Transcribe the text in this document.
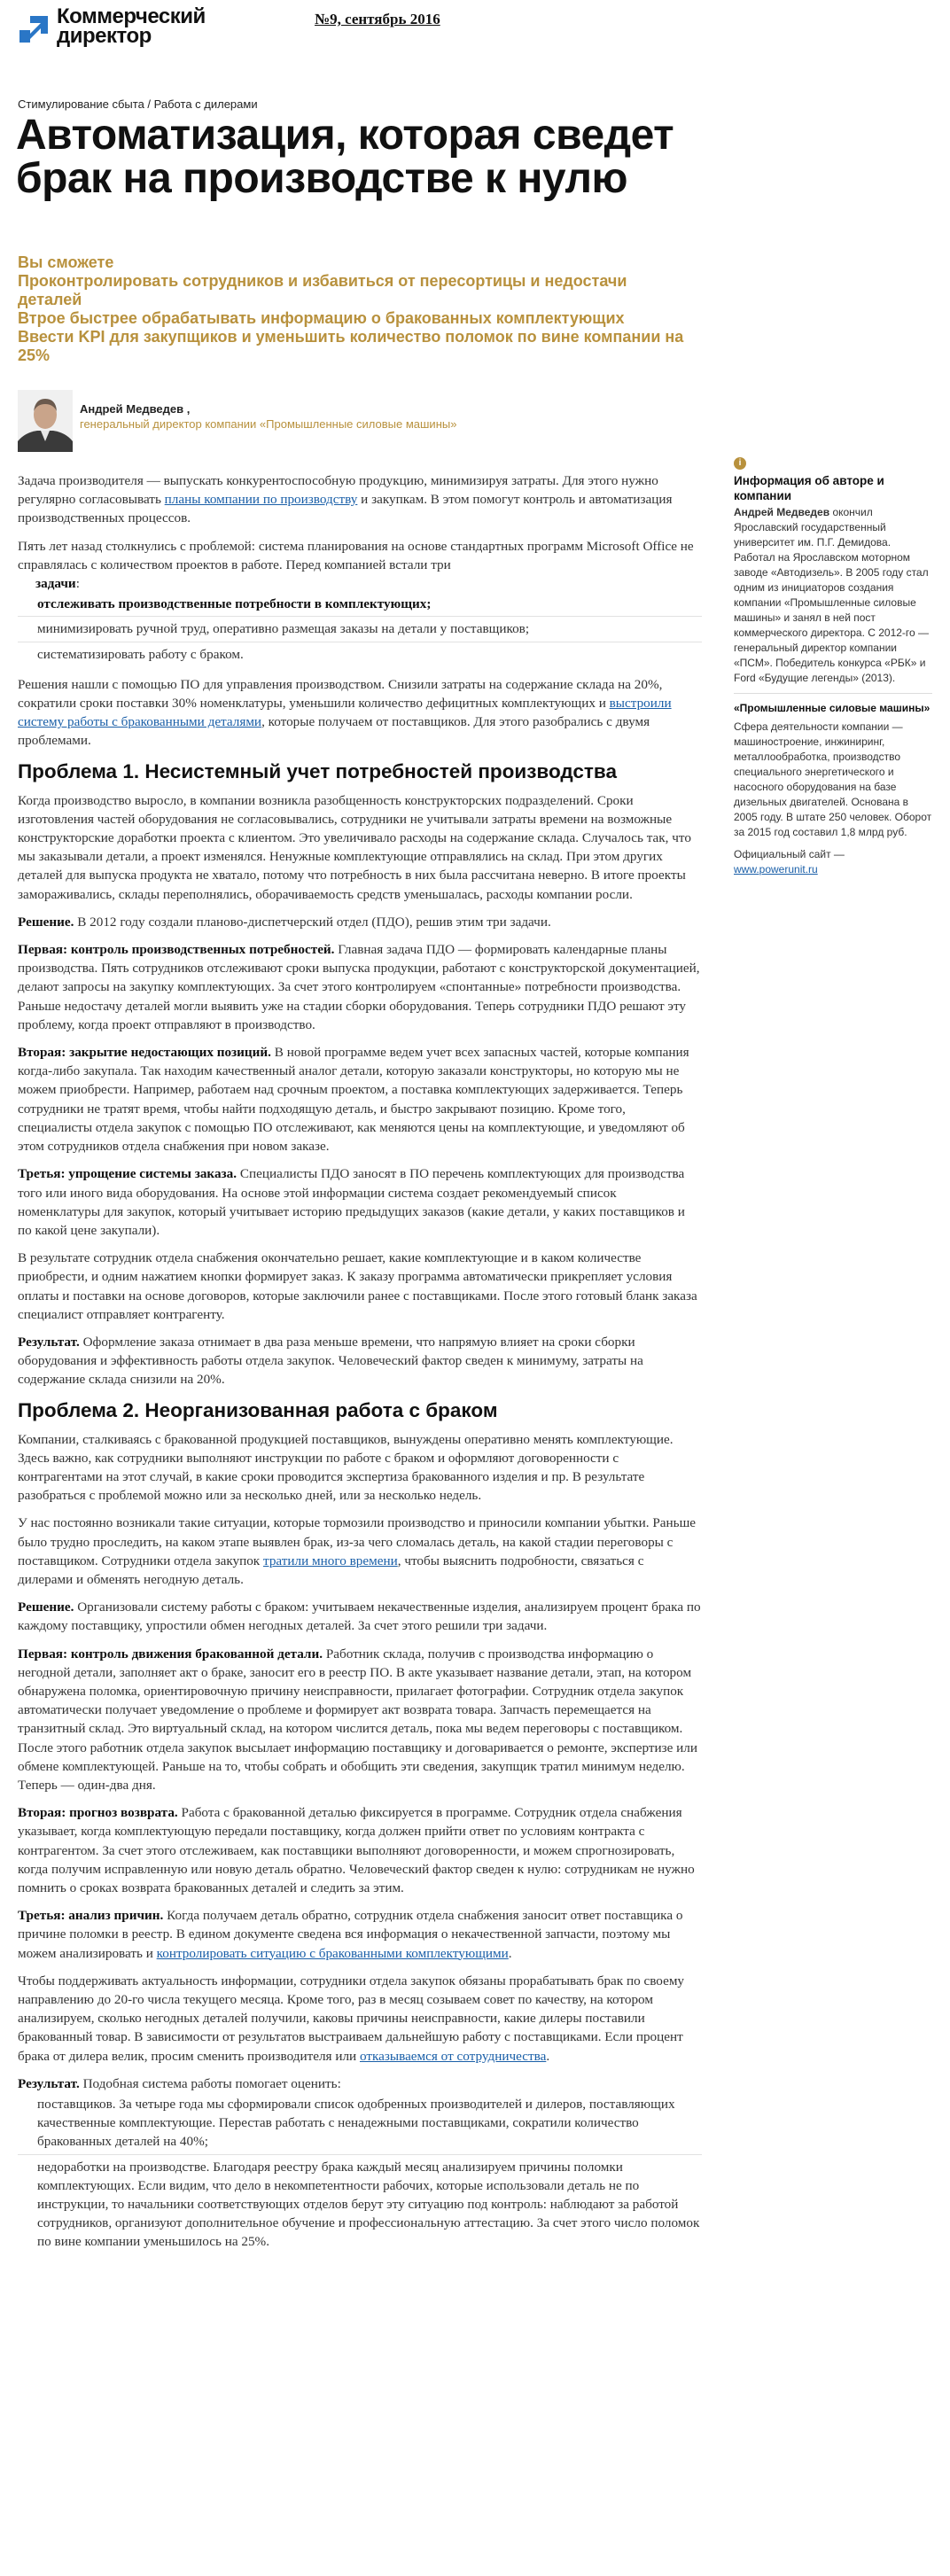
Коммерческий
директор
№9, сентябрь 2016
Стимулирование сбыта / Работа с дилерами
Автоматизация, которая сведет брак на производстве к нулю
Вы сможете
Проконтролировать сотрудников и избавиться от пересортицы и недостачи деталей
Втрое быстрее обрабатывать информацию о бракованных комплектующих
Ввести KPI для закупщиков и уменьшить количество поломок по вине компании на 25%
Андрей Медведев ,
генеральный директор компании «Промышленные силовые машины»

Задача производителя — выпускать конкурентоспособную продукцию, минимизируя затраты. Для этого нужно регулярно согласовывать планы компании по производству и закупкам. В этом помогут контроль и автоматизация производственных процессов.

Пять лет назад столкнулись с проблемой: система планирования на основе стандартных программ Microsoft Office не справлялась с количеством проектов в работе. Перед компанией встали три
задачи:

отслеживать производственные потребности в комплектующих;
минимизировать ручной труд, оперативно размещая заказы на детали у поставщиков;
систематизировать работу с браком.

Решения нашли с помощью ПО для управления производством. Снизили затраты на содержание склада на 20%, сократили сроки поставки 30% номенклатуры, уменьшили количество дефицитных комплектующих и выстроили систему работы с бракованными деталями, которые получаем от поставщиков. Для этого разобрались с двумя проблемами.

Проблема 1. Несистемный учет потребностей производства

Когда производство выросло, в компании возникла разобщенность конструкторских подразделений. Сроки изготовления частей оборудования не согласовывались, сотрудники не учитывали затраты времени на возможные конструкторские доработки проекта с клиентом. Это увеличивало расходы на содержание склада. Случалось так, что мы заказывали детали, а проект изменялся. Ненужные комплектующие отправлялись на склад. При этом других деталей для выпуска продукта не хватало, потому что потребность в них была рассчитана неверно. В итоге проекты замораживались, склады переполнялись, оборачиваемость средств уменьшалась, расходы компании росли.

Решение. В 2012 году создали планово-диспетчерский отдел (ПДО), решив этим три задачи.

Первая: контроль производственных потребностей. Главная задача ПДО — формировать календарные планы производства. Пять сотрудников отслеживают сроки выпуска продукции, работают с конструкторской документацией, делают запросы на закупку комплектующих. За счет этого контролируем «спонтанные» потребности производства. Раньше недостачу деталей могли выявить уже на стадии сборки оборудования. Теперь сотрудники ПДО решают эту проблему, когда проект отправляют в производство.

Вторая: закрытие недостающих позиций. В новой программе ведем учет всех запасных частей, которые компания когда-либо закупала. Так находим качественный аналог детали, которую заказали конструкторы, но которую мы не можем приобрести. Например, работаем над срочным проектом, а поставка комплектующих задерживается. Теперь сотрудники не тратят время, чтобы найти подходящую деталь, и быстро закрывают позицию. Кроме того, специалисты отдела закупок с помощью ПО отслеживают, как меняются цены на комплектующие, и уведомляют об этом сотрудников отдела снабжения при новом заказе.

Третья: упрощение системы заказа. Специалисты ПДО заносят в ПО перечень комплектующих для производства того или иного вида оборудования. На основе этой информации система создает рекомендуемый список номенклатуры для закупок, который учитывает историю предыдущих заказов (какие детали, у каких поставщиков и по какой цене закупали).

В результате сотрудник отдела снабжения окончательно решает, какие комплектующие и в каком количестве приобрести, и одним нажатием кнопки формирует заказ. К заказу программа автоматически прикрепляет условия оплаты и поставки на основе договоров, которые заключили ранее с поставщиками. После этого готовый бланк заказа специалист отправляет контрагенту.

Результат. Оформление заказа отнимает в два раза меньше времени, что напрямую влияет на сроки сборки оборудования и эффективность работы отдела закупок. Человеческий фактор сведен к минимуму, затраты на содержание склада снизили на 20%.

Проблема 2. Неорганизованная работа с браком

Компании, сталкиваясь с бракованной продукцией поставщиков, вынуждены оперативно менять комплектующие. Здесь важно, как сотрудники выполняют инструкции по работе с браком и оформляют договоренности с контрагентами на этот случай, в какие сроки проводится экспертиза бракованного изделия и пр. В результате разобраться с проблемой можно или за несколько дней, или за несколько недель.

У нас постоянно возникали такие ситуации, которые тормозили производство и приносили компании убытки. Раньше было трудно проследить, на каком этапе выявлен брак, из-за чего сломалась деталь, на какой стадии переговоры с поставщиком. Сотрудники отдела закупок тратили много времени, чтобы выяснить подробности, связаться с дилерами и обменять негодную деталь.

Решение. Организовали систему работы с браком: учитываем некачественные изделия, анализируем процент брака по каждому поставщику, упростили обмен негодных деталей. За счет этого решили три задачи.

Первая: контроль движения бракованной детали. Работник склада, получив с производства информацию о негодной детали, заполняет акт о браке, заносит его в реестр ПО. В акте указывает название детали, этап, на котором обнаружена поломка, ориентировочную причину неисправности, прилагает фотографии. Сотрудник отдела закупок автоматически получает уведомление о проблеме и формирует акт возврата товара. Запчасть перемещается на транзитный склад. Это виртуальный склад, на котором числится деталь, пока мы ведем переговоры с поставщиком. После этого работник отдела закупок высылает информацию поставщику и договаривается о ремонте, экспертизе или обмене комплектующей. Раньше на то, чтобы собрать и обобщить эти сведения, закупщик тратил минимум неделю. Теперь — один-два дня.

Вторая: прогноз возврата. Работа с бракованной деталью фиксируется в программе. Сотрудник отдела снабжения указывает, когда комплектующую передали поставщику, когда должен прийти ответ по условиям контракта с контрагентом. За счет этого отслеживаем, как поставщики выполняют договоренности, и можем спрогнозировать, когда получим исправленную или новую деталь обратно. Человеческий фактор сведен к нулю: сотрудникам не нужно помнить о сроках возврата бракованных деталей и следить за этим.

Третья: анализ причин. Когда получаем деталь обратно, сотрудник отдела снабжения заносит ответ поставщика о причине поломки в реестр. В едином документе сведена вся информация о некачественной запчасти, поэтому мы можем анализировать и контролировать ситуацию с бракованными комплектующими.

Чтобы поддерживать актуальность информации, сотрудники отдела закупок обязаны прорабатывать брак по своему направлению до 20-го числа текущего месяца. Кроме того, раз в месяц созываем совет по качеству, на котором анализируем, сколько негодных деталей получили, каковы причины неисправности, какие дилеры поставили бракованный товар. В зависимости от результатов выстраиваем дальнейшую работу с поставщиками. Если процент брака от дилера велик, просим сменить производителя или отказываемся от сотрудничества.

Результат. Подобная система работы помогает оценить:

поставщиков. За четыре года мы сформировали список одобренных производителей и дилеров, поставляющих качественные комплектующие. Перестав работать с ненадежными поставщиками, сократили количество бракованных деталей на 40%;
недоработки на производстве. Благодаря реестру брака каждый месяц анализируем причины поломки комплектующих. Если видим, что дело в некомпетентности рабочих, которые использовали деталь не по инструкции, то начальники соответствующих отделов берут эту ситуацию под контроль: наблюдают за работой сотрудников, организуют дополнительное обучение и профессиональную аттестацию. За счет этого число поломок по вине компании уменьшилось на 25%.
i
Информация об авторе и компании
Андрей Медведев окончил Ярославский государственный университет им. П.Г. Демидова. Работал на Ярославском моторном заводе «Автодизель». В 2005 году стал одним из инициаторов создания компании «Промышленные силовые машины» и занял в ней пост коммерческого директора. С 2012-го — генеральный директор компании «ПСМ». Победитель конкурса «РБК» и Ford «Будущие легенды» (2013).
«Промышленные силовые машины»
Сфера деятельности компании — машиностроение, инжиниринг, металлообработка, производство специального энергетического и насосного оборудования на базе дизельных двигателей. Основана в 2005 году. В штате 250 человек. Оборот за 2015 год составил 1,8 млрд руб.
Официальный сайт —
www.powerunit.ru
